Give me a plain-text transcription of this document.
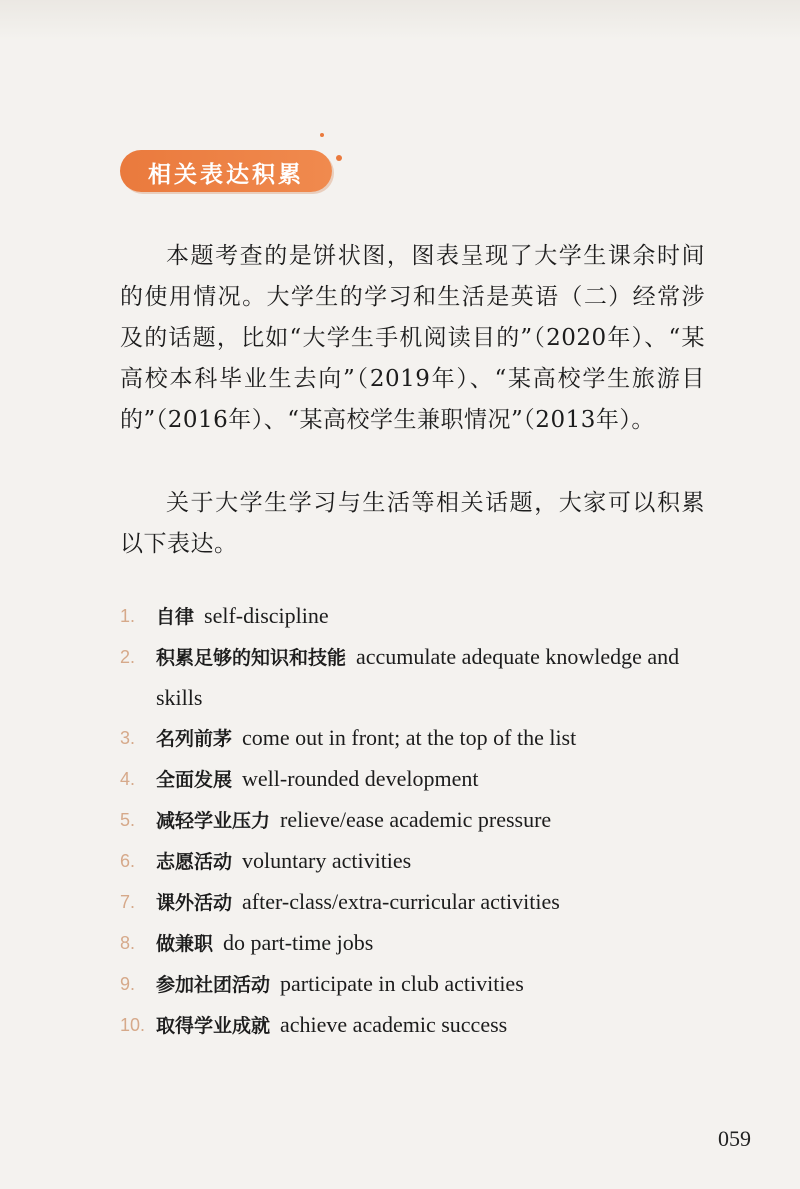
相关表达积累

本题考查的是饼状图，图表呈现了大学生课余时间的使用情况。大学生的学习和生活是英语（二）经常涉及的话题，比如“大学生手机阅读目的”（2020年）、“某高校本科毕业生去向”（2019年）、“某高校学生旅游目的”（2016年）、“某高校学生兼职情况”（2013年）。

关于大学生学习与生活等相关话题，大家可以积累以下表达。

1. 自律 self-discipline
2. 积累足够的知识和技能 accumulate adequate knowledge and skills
3. 名列前茅 come out in front; at the top of the list
4. 全面发展 well-rounded development
5. 减轻学业压力 relieve/ease academic pressure
6. 志愿活动 voluntary activities
7. 课外活动 after-class/extra-curricular activities
8. 做兼职 do part-time jobs
9. 参加社团活动 participate in club activities
10. 取得学业成就 achieve academic success
059
